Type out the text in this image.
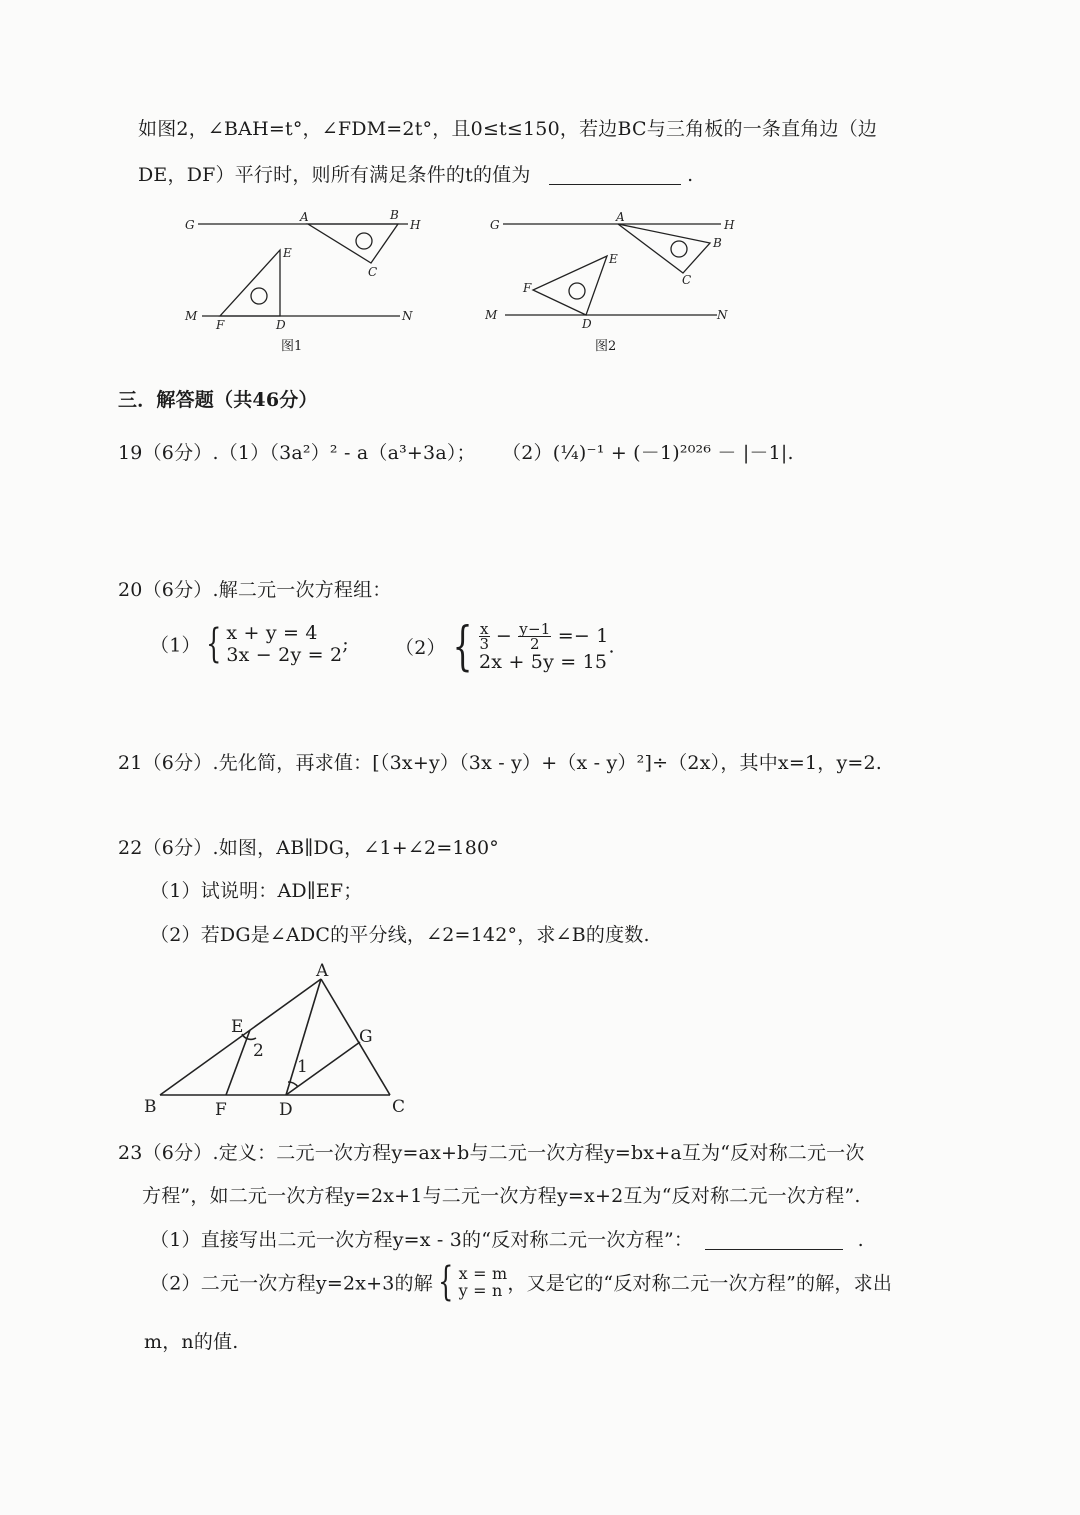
如图2，∠BAH=t°，∠FDM=2t°，且0≤t≤150，若边BC与三角板的一条直角边（边
DE，DF）平行时，则所有满足条件的t的值为	.
G
A	B
H
C
E
M
F	D
N
图1
G
A
H
B
C
E
F
M
D
N
图2
三．解答题（共46分）
19（6分）.（1）（3a²）² - a（a³+3a）； （2）(¼)⁻¹ + (－1)²⁰²⁶ － |－1|.
20（6分）.解二元一次方程组：
（1） { x + y = 4
3x − 2y = 2 ; （2） { $\frac{x}{3} - \frac{y-1}{2} =- 1$
2x + 5y = 15
.
21（6分）.先化简，再求值：[（3x+y）（3x - y）+（x - y）²]÷（2x），其中x=1，y=2.
22（6分）.如图，AB∥DG，∠1+∠2=180°
（1）试说明：AD∥EF；
（2）若DG是∠ADC的平分线，∠2=142°，求∠B的度数.
A
E	G
2
1
B	F	D	C
23（6分）.定义：二元一次方程y=ax+b与二元一次方程y=bx+a互为“反对称二元一次
方程”，如二元一次方程y=2x+1与二元一次方程y=x+2互为“反对称二元一次方程”.
（1）直接写出二元一次方程y=x - 3的“反对称二元一次方程”：	.
（2）二元一次方程y=2x+3的解 { x = m
y = n ，又是它的“反对称二元一次方程”的解，求出
m，n的值.
